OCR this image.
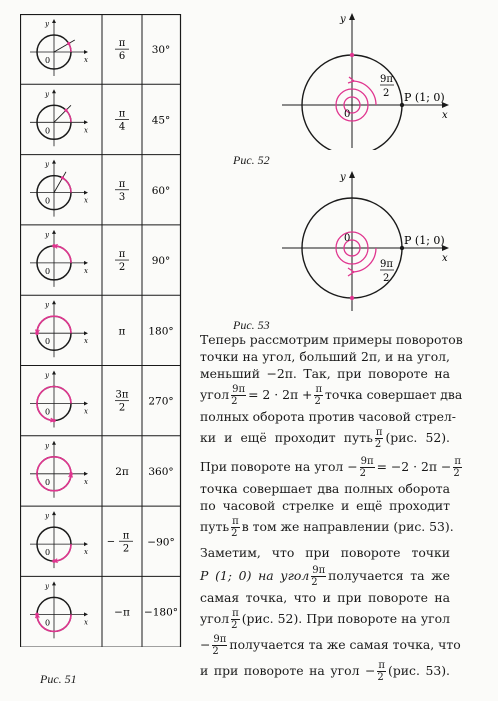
x
y
0
π
6
30°
x
y
0
π
4
45°
x
y
0
π
3
60°
x
y
0
π
2
90°
x
y
0
π 180°
x
y
0
3π
2
270°
x
y
0
2π 360°
x
y
0
−
π
2
−90°
x
y
0
−π −180°
Рис. 51
x
y
0
P (1; 0)
9π
2
Рис. 52
x
y
0	P (1; 0)
9π
2
Рис. 53
Теперь рассмотрим примеры поворотов
точки на угол, больший 2π, и на угол,
меньший −2π. Так, при повороте на
угол $\frac{9\pi}{2} = 2 \cdot 2\pi + \frac{\pi}{2}$ точка совершает два
полных оборота против часовой стрел-
ки и ещё проходит путь $\frac{\pi}{2} (рис$. 52).
При повороте на угол − $\frac{9\pi}{2} = -2 \cdot 2\pi - \frac{\pi}{2}$
точка совершает два полных оборота
по часовой стрелке и ещё проходит
путь $\frac{\pi}{2}$ в том же направлении (рис. 53).
Заметим, что при повороте точки
P (1; 0) на угол $\frac{9\pi}{2}$ получается та же
самая точка, что и при повороте на
угол $\frac{\pi}{2} (рис$. 52). При повороте на угол
− $\frac{9\pi}{2}$ получается та же самая точка, что
и при повороте на угол − $\frac{\pi}{2} (рис$. 53).
